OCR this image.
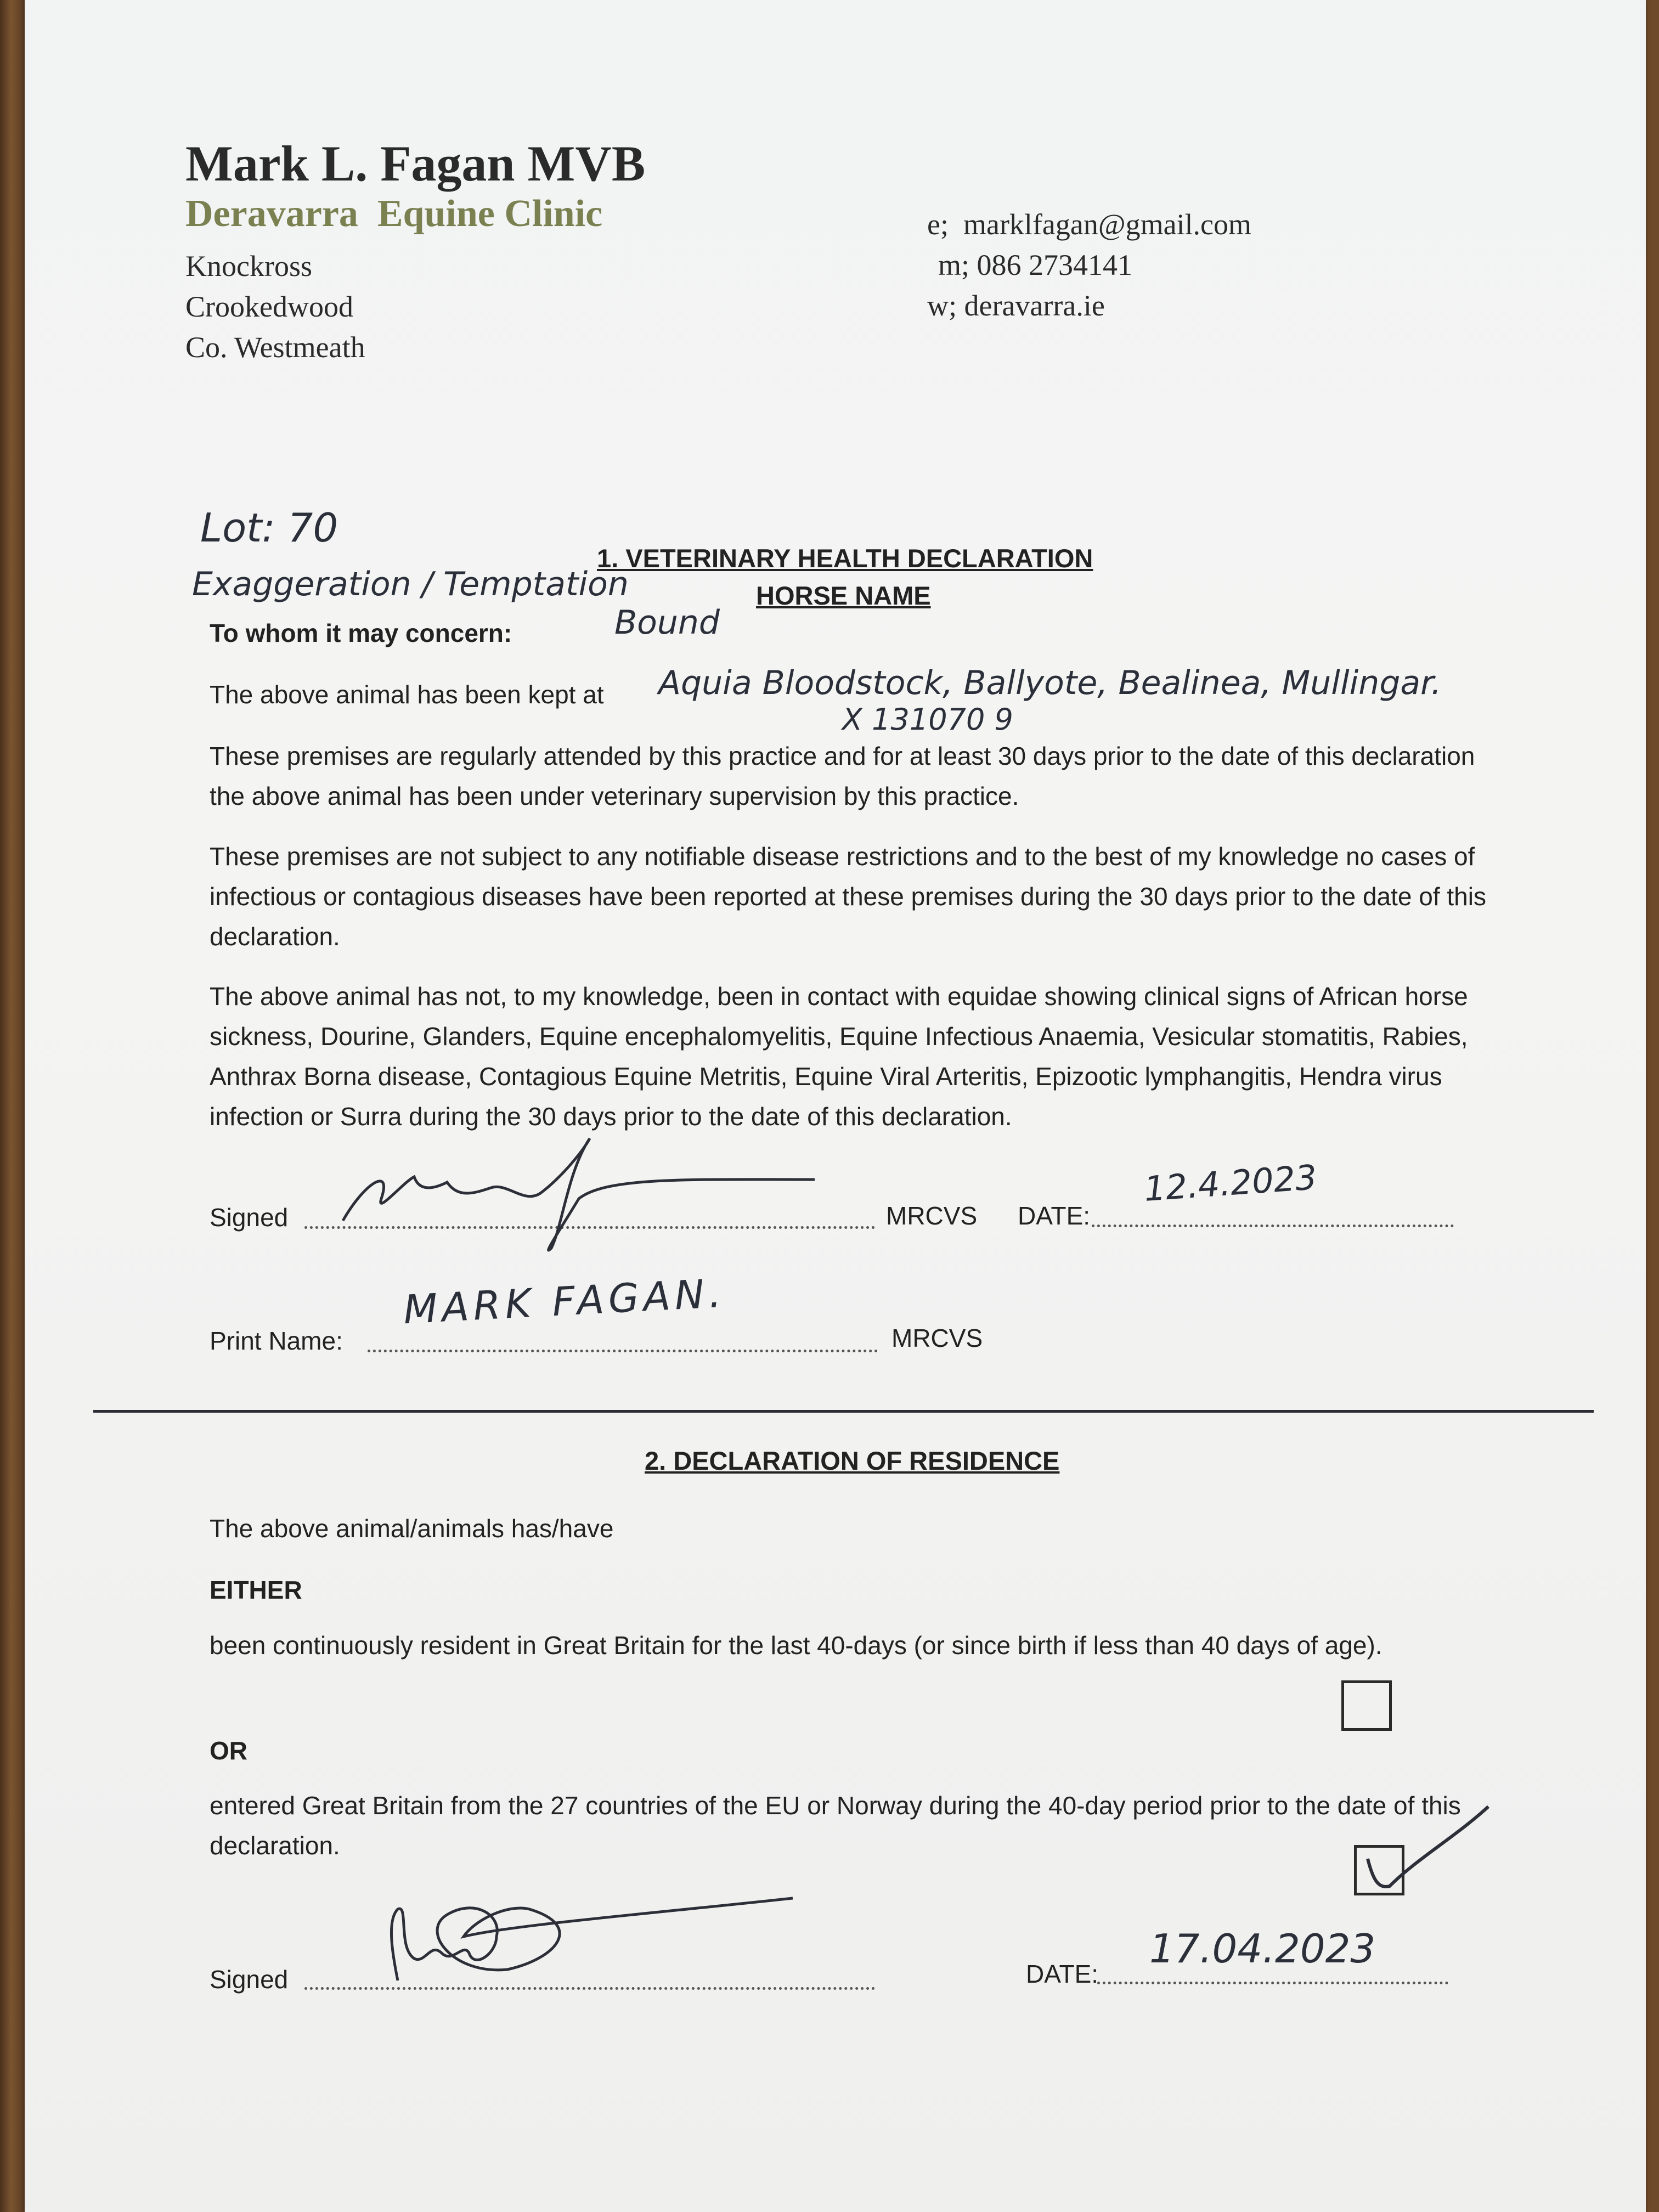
Mark L. Fagan MVB
Deravarra  Equine Clinic
Knockross
Crookedwood
Co. Westmeath
e;  marklfagan@gmail.com
m; 086 2734141
w; deravarra.ie
Lot: 70
Exaggeration / Temptation
Bound
1. VETERINARY HEALTH DECLARATION
HORSE NAME
To whom it may concern:
The above animal has been kept at Aquia Bloodstock, Ballyote, Bealinea, Mullingar.
X 131070 9
These premises are regularly attended by this practice and for at least 30 days prior to the date of this declaration the above animal has been under veterinary supervision by this practice.
These premises are not subject to any notifiable disease restrictions and to the best of my knowledge no cases of infectious or contagious diseases have been reported at these premises during the 30 days prior to the date of this declaration.
The above animal has not, to my knowledge, been in contact with equidae showing clinical signs of African horse sickness, Dourine, Glanders, Equine encephalomyelitis, Equine Infectious Anaemia, Vesicular stomatitis, Rabies, Anthrax Borna disease, Contagious Equine Metritis, Equine Viral Arteritis, Epizootic lymphangitis, Hendra virus infection or Surra during the 30 days prior to the date of this declaration.
Signed	MRCVS DATE:
12.4.2023
Print Name:	MRCVS
MARK FAGAN.
2. DECLARATION OF RESIDENCE
The above animal/animals has/have
EITHER
been continuously resident in Great Britain for the last 40-days (or since birth if less than 40 days of age).
OR
entered Great Britain from the 27 countries of the EU or Norway during the 40-day period prior to the date of this declaration.
Signed	DATE:
17.04.2023
